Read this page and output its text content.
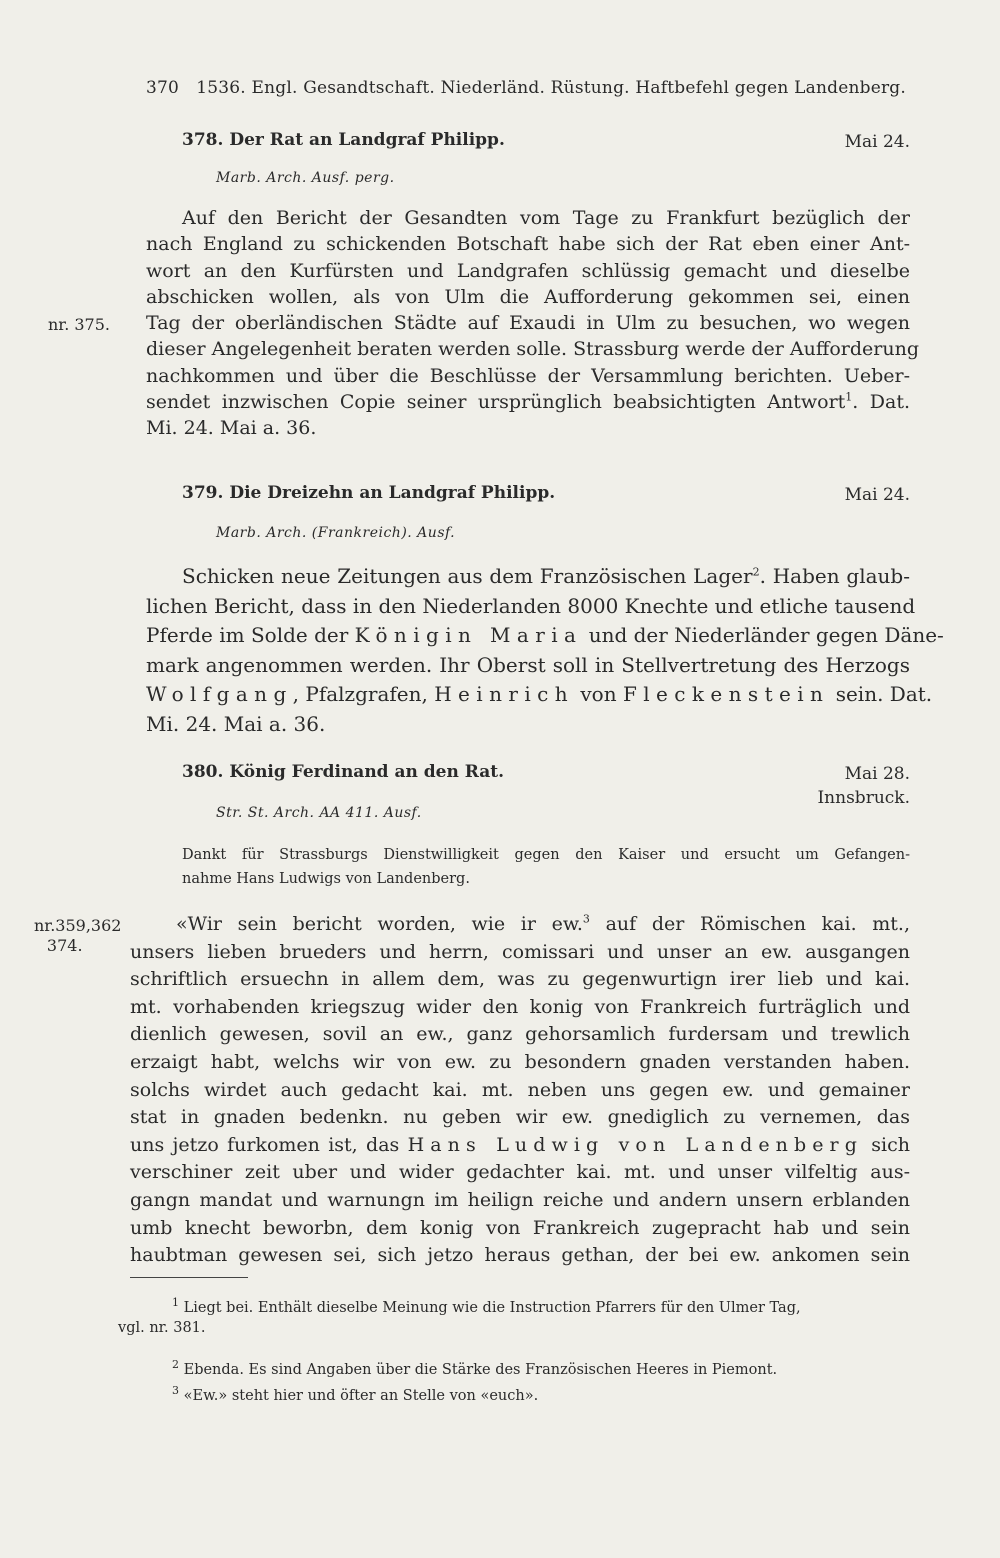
370 1536. Engl. Gesandtschaft. Niederländ. Rüstung. Haftbefehl gegen Landenberg.
378. Der Rat an Landgraf Philipp.	Mai 24.
Marb. Arch. Ausf. perg.
nr. 375.
Auf den Bericht der Gesandten vom Tage zu Frankfurt bezüglich der
nach England zu schickenden Botschaft habe sich der Rat eben einer Ant-
wort an den Kurfürsten und Landgrafen schlüssig gemacht und dieselbe
abschicken wollen, als von Ulm die Aufforderung gekommen sei, einen
Tag der oberländischen Städte auf Exaudi in Ulm zu besuchen, wo wegen
dieser Angelegenheit beraten werden solle. Strassburg werde der Aufforderung
nachkommen und über die Beschlüsse der Versammlung berichten. Ueber-
sendet inzwischen Copie seiner ursprünglich beabsichtigten Antwort$^1$. Dat.
Mi. 24. Mai a. 36.
379. Die Dreizehn an Landgraf Philipp.	Mai 24.
Marb. Arch. (Frankreich). Ausf.
Schicken neue Zeitungen aus dem Französischen Lager$^2$. Haben glaub-
lichen Bericht, dass in den Niederlanden 8000 Knechte und etliche tausend
Pferde im Solde der Königin Maria und der Niederländer gegen Däne-
mark angenommen werden. Ihr Oberst soll in Stellvertretung des Herzogs
Wolfgang, Pfalzgrafen, Heinrich von Fleckenstein sein. Dat.
Mi. 24. Mai a. 36.
380. König Ferdinand an den Rat.	Mai 28.
Innsbruck.
Str. St. Arch. AA 411. Ausf.
Dankt für Strassburgs Dienstwilligkeit gegen den Kaiser und ersucht um Gefangen-
nahme Hans Ludwigs von Landenberg.
nr.359,362
374.
«Wir sein bericht worden, wie ir ew.$^3$ auf der Römischen kai. mt.,
unsers lieben brueders und herrn, comissari und unser an ew. ausgangen
schriftlich ersuechn in allem dem, was zu gegenwurtign irer lieb und kai.
mt. vorhabenden kriegszug wider den konig von Frankreich furträglich und
dienlich gewesen, sovil an ew., ganz gehorsamlich furdersam und trewlich
erzaigt habt, welchs wir von ew. zu besondern gnaden verstanden haben.
solchs wirdet auch gedacht kai. mt. neben uns gegen ew. und gemainer
stat in gnaden bedenkn. nu geben wir ew. gnediglich zu vernemen, das
uns jetzo furkomen ist, das Hans Ludwig von Landenberg sich
verschiner zeit uber und wider gedachter kai. mt. und unser vilfeltig aus-
gangn mandat und warnungn im heilign reiche und andern unsern erblanden
umb knecht beworbn, dem konig von Frankreich zugepracht hab und sein
haubtman gewesen sei, sich jetzo heraus gethan, der bei ew. ankomen sein
$^1$ Liegt bei. Enthält dieselbe Meinung wie die Instruction Pfarrers für den Ulmer Tag,
vgl. nr. 381.
$^2$ Ebenda. Es sind Angaben über die Stärke des Französischen Heeres in Piemont.
$^3$ «Ew.» steht hier und öfter an Stelle von «euch».
